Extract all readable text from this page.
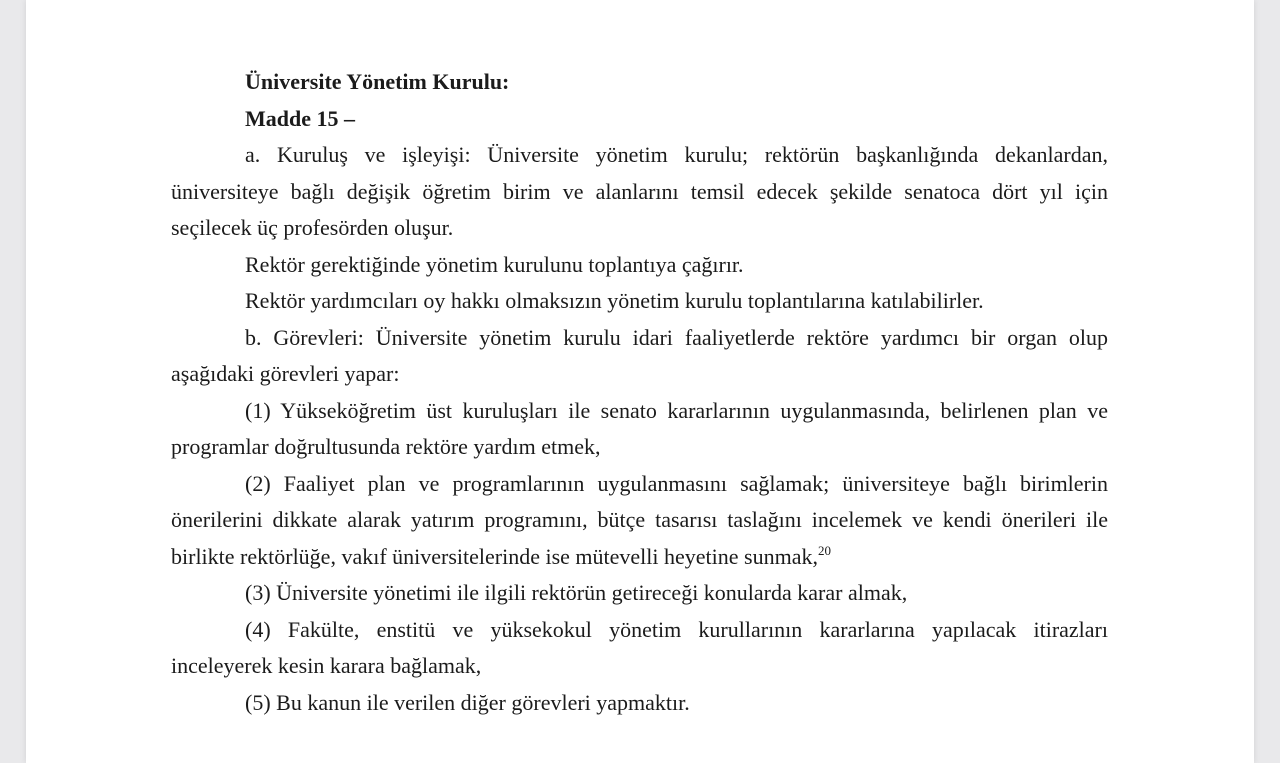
Üniversite Yönetim Kurulu:
Madde 15 –

a. Kuruluş ve işleyişi: Üniversite yönetim kurulu; rektörün başkanlığında dekanlardan, üniversiteye bağlı değişik öğretim birim ve alanlarını temsil edecek şekilde senatoca dört yıl için seçilecek üç profesörden oluşur.

Rektör gerektiğinde yönetim kurulunu toplantıya çağırır.

Rektör yardımcıları oy hakkı olmaksızın yönetim kurulu toplantılarına katılabilirler.

b. Görevleri: Üniversite yönetim kurulu idari faaliyetlerde rektöre yardımcı bir organ olup aşağıdaki görevleri yapar:

(1) Yükseköğretim üst kuruluşları ile senato kararlarının uygulanmasında, belirlenen plan ve programlar doğrultusunda rektöre yardım etmek,

(2) Faaliyet plan ve programlarının uygulanmasını sağlamak; üniversiteye bağlı birimlerin önerilerini dikkate alarak yatırım programını, bütçe tasarısı taslağını incelemek ve kendi önerileri ile birlikte rektörlüğe, vakıf üniversitelerinde ise mütevelli heyetine sunmak,$^{20}$

(3) Üniversite yönetimi ile ilgili rektörün getireceği konularda karar almak,

(4) Fakülte, enstitü ve yüksekokul yönetim kurullarının kararlarına yapılacak itirazları inceleyerek kesin karara bağlamak,

(5) Bu kanun ile verilen diğer görevleri yapmaktır.
